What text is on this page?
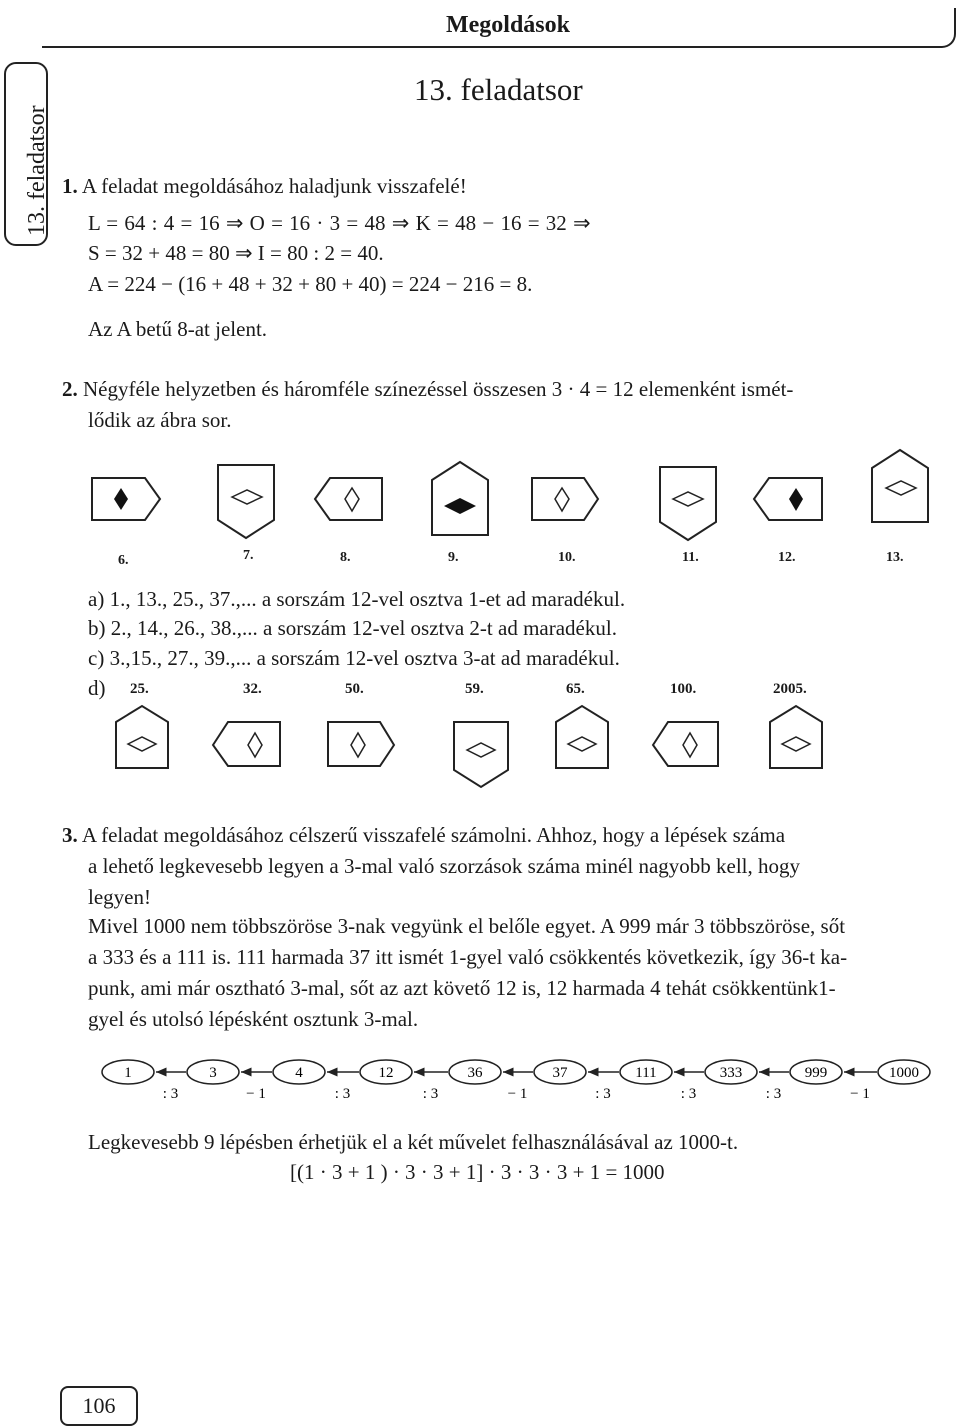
Megoldások
13. feladatsor
13. feladatsor
1. A feladat megoldásához haladjunk visszafelé!
L = 64 : 4 = 16 ⇒ O = 16 · 3 = 48 ⇒ K = 48 − 16 = 32 ⇒
S = 32 + 48 = 80 ⇒ I = 80 : 2 = 40.
A = 224 − (16 + 48 + 32 + 80 + 40) = 224 − 216 = 8.
Az A betű 8-at jelent.
2. Négyféle helyzetben és háromféle színezéssel összesen 3 · 4 = 12 elemenként ismét-
lődik az ábra sor.
6.	7.	8.	9.	10.	11.	12.	13.
a) 1., 13., 25., 37.,... a sorszám 12-vel osztva 1-et ad maradékul.
b) 2., 14., 26., 38.,... a sorszám 12-vel osztva 2-t ad maradékul.
c) 3.,15., 27., 39.,... a sorszám 12-vel osztva 3-at ad maradékul.
d) 25.	32.	50.	59.	65.	100.	2005.
3. A feladat megoldásához célszerű visszafelé számolni. Ahhoz, hogy a lépések száma
a lehető legkevesebb legyen a 3-mal való szorzások száma minél nagyobb kell, hogy
legyen!
Mivel 1000 nem többszöröse 3-nak vegyünk el belőle egyet. A 999 már 3 többszöröse, sőt
a 333 és a 111 is. 111 harmada 37 itt ismét 1-gyel való csökkentés következik, így 36-t ka-
punk, ami már osztható 3-mal, sőt az azt követő 12 is, 12 harmada 4 tehát csökkentünk1-
gyel és utolsó lépésként osztunk 3-mal.
: 3	− 1	: 3	: 3	− 1	: 3	: 3	: 3	− 1
1	3	4	12	36	37	111	333	999	1000
Legkevesebb 9 lépésben érhetjük el a két művelet felhasználásával az 1000-t.
[(1 · 3 + 1 ) · 3 · 3 + 1] · 3 · 3 · 3 + 1 = 1000
106
